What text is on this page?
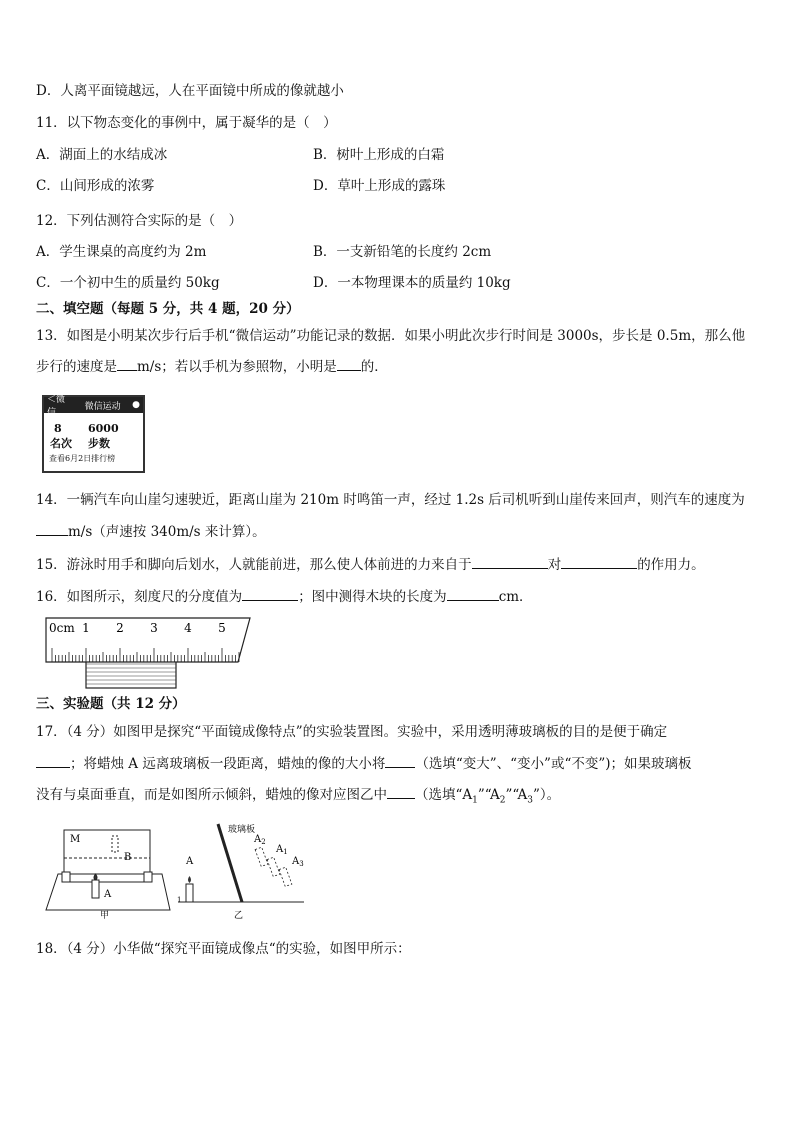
D．人离平面镜越远，人在平面镜中所成的像就越小
11．以下物态变化的事例中，属于凝华的是（　）
A．湖面上的水结成冰	B．树叶上形成的白霜
C．山间形成的浓雾	D．草叶上形成的露珠
12．下列估测符合实际的是（　）
A．学生课桌的高度约为 2m	B．一支新铅笔的长度约 2cm
C．一个初中生的质量约 50kg	D．一本物理课本的质量约 10kg
二、填空题（每题 5 分，共 4 题，20 分）
13．如图是小明某次步行后手机“微信运动”功能记录的数据．如果小明此次步行时间是 3000s，步长是 0.5m，那么他
步行的速度是 m/s；若以手机为参照物，小明是 的．
＜微信
微信运动	●
8	6000
名次	步数
查看6月2日排行榜
14．一辆汽车向山崖匀速驶近，距离山崖为 210m 时鸣笛一声，经过 1.2s 后司机听到山崖传来回声，则汽车的速度为
m/s（声速按 340m/s 来计算）。
15．游泳时用手和脚向后划水，人就能前进，那么使人体前进的力来自于	对	的作用力。
16．如图所示，刻度尺的分度值为	；图中测得木块的长度为	cm．
0cm 1 2 3 4 5
三、实验题（共 12 分）
17．（4 分）如图甲是探究“平面镜成像特点”的实验装置图。实验中，采用透明薄玻璃板的目的是便于确定
；将蜡烛 A 远离玻璃板一段距离，蜡烛的像的大小将 （选填“变大”、“变小”或“不变”)；如果玻璃板
没有与桌面垂直，而是如图所示倾斜，蜡烛的像对应图乙中 （选填“$A_1”“A_2”“A_3$”）。
M
B
A
甲
A
1
玻璃板
$A_2$
$A_1$
$A_3$
乙
18．（4 分）小华做“探究平面镜成像点“的实验，如图甲所示：
